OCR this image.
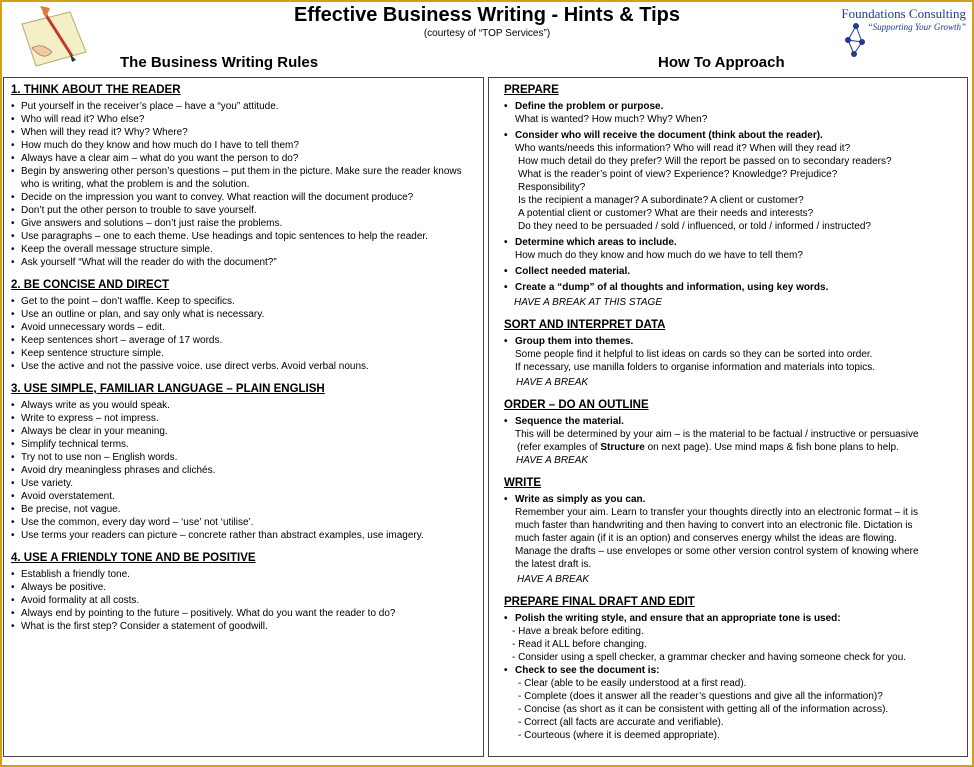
Effective Business Writing - Hints & Tips
(courtesy of “TOP Services”)
Foundations Consulting
“Supporting Your Growth”
The Business Writing Rules	How To Approach
1. THINK ABOUT THE READER
• Put yourself in the receiver’s place – have a “you” attitude.
• Who will read it? Who else?
• When will they read it? Why? Where?
• How much do they know and how much do I have to tell them?
• Always have a clear aim – what do you want the person to do?
• Begin by answering other person’s questions – put them in the picture. Make sure the reader knows who is writing, what the problem is and the solution.
• Decide on the impression you want to convey. What reaction will the document produce?
• Don’t put the other person to trouble to save yourself.
• Give answers and solutions – don’t just raise the problems.
• Use paragraphs – one to each theme. Use headings and topic sentences to help the reader.
• Keep the overall message structure simple.
• Ask yourself “What will the reader do with the document?”
2. BE CONCISE AND DIRECT
• Get to the point – don’t waffle. Keep to specifics.
• Use an outline or plan, and say only what is necessary.
• Avoid unnecessary words – edit.
• Keep sentences short – average of 17 words.
• Keep sentence structure simple.
• Use the active and not the passive voice. use direct verbs. Avoid verbal nouns.
3. USE SIMPLE, FAMILIAR LANGUAGE – PLAIN ENGLISH
• Always write as you would speak.
• Write to express – not impress.
• Always be clear in your meaning.
• Simplify technical terms.
• Try not to use non – English words.
• Avoid dry meaningless phrases and clichés.
• Use variety.
• Avoid overstatement.
• Be precise, not vague.
• Use the common, every day word – ‘use’ not ‘utilise’.
• Use terms your readers can picture – concrete rather than abstract examples, use imagery.
4. USE A FRIENDLY TONE AND BE POSITIVE
• Establish a friendly tone.
• Always be positive.
• Avoid formality at all costs.
• Always end by pointing to the future – positively. What do you want the reader to do?
• What is the first step? Consider a statement of goodwill.
PREPARE
• Define the problem or purpose.
What is wanted? How much? Why? When?
• Consider who will receive the document (think about the reader).
Who wants/needs this information? Who will read it? When will they read it?
How much detail do they prefer? Will the report be passed on to secondary readers?
What is the reader’s point of view? Experience? Knowledge? Prejudice?
Responsibility?
Is the recipient a manager? A subordinate? A client or customer?
A potential client or customer? What are their needs and interests?
Do they need to be persuaded / sold / influenced, or told / informed / instructed?
• Determine which areas to include.
How much do they know and how much do we have to tell them?
• Collect needed material.
• Create a “dump” of al thoughts and information, using key words.
HAVE A BREAK AT THIS STAGE
SORT AND INTERPRET DATA
• Group them into themes.
Some people find it helpful to list ideas on cards so they can be sorted into order.
If necessary, use manilla folders to organise information and materials into topics.
HAVE A BREAK
ORDER – DO AN OUTLINE
• Sequence the material.
This will be determined by your aim – is the material to be factual / instructive or persuasive
(refer examples of Structure on next page). Use mind maps & fish bone plans to help.
HAVE A BREAK
WRITE
• Write as simply as you can.
Remember your aim. Learn to transfer your thoughts directly into an electronic format – it is
much faster than handwriting and then having to convert into an electronic file. Dictation is
much faster again (if it is an option) and conserves energy whilst the ideas are flowing.
Manage the drafts – use envelopes or some other version control system of knowing where
the latest draft is.
HAVE A BREAK
PREPARE FINAL DRAFT AND EDIT
• Polish the writing style, and ensure that an appropriate tone is used:
- Have a break before editing.
- Read it ALL before changing.
- Consider using a spell checker, a grammar checker and having someone check for you.
• Check to see the document is:
- Clear (able to be easily understood at a first read).
- Complete (does it answer all the reader’s questions and give all the information)?
- Concise (as short as it can be consistent with getting all of the information across).
- Correct (all facts are accurate and verifiable).
- Courteous (where it is deemed appropriate).
